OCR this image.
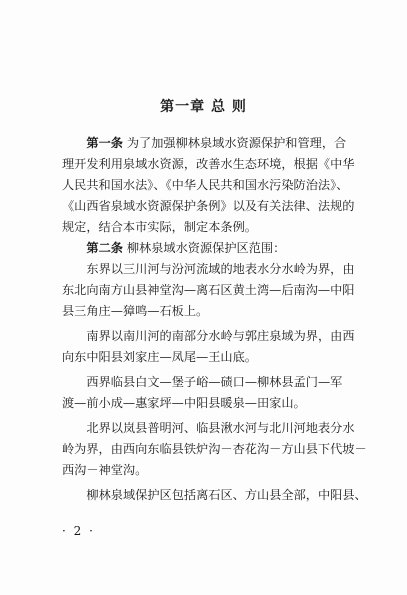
第一章 总 则
第一条 为了加强柳林泉域水资源保护和管理，合
理开发利用泉域水资源，改善水生态环境，根据《中华
人民共和国水法》、《中华人民共和国水污染防治法》、
《山西省泉域水资源保护条例》以及有关法律、法规的
规定，结合本市实际，制定本条例。
第二条 柳林泉域水资源保护区范围：
东界以三川河与汾河流域的地表水分水岭为界，由
东北向南方山县神堂沟—离石区黄土湾—后南沟—中阳
县三角庄—獐鸣—石板上。
南界以南川河的南部分水岭与郭庄泉域为界，由西
向东中阳县刘家庄—凤尾—王山底。
西界临县白文—堡子峪—碛口—柳林县孟门—军
渡—前小成—惠家坪—中阳县暖泉—田家山。
北界以岚县普明河、临县湫水河与北川河地表分水
岭为界，由西向东临县铁炉沟－杏花沟－方山县下代坡－
西沟－神堂沟。
柳林泉域保护区包括离石区、方山县全部，中阳县、
· 2 ·
